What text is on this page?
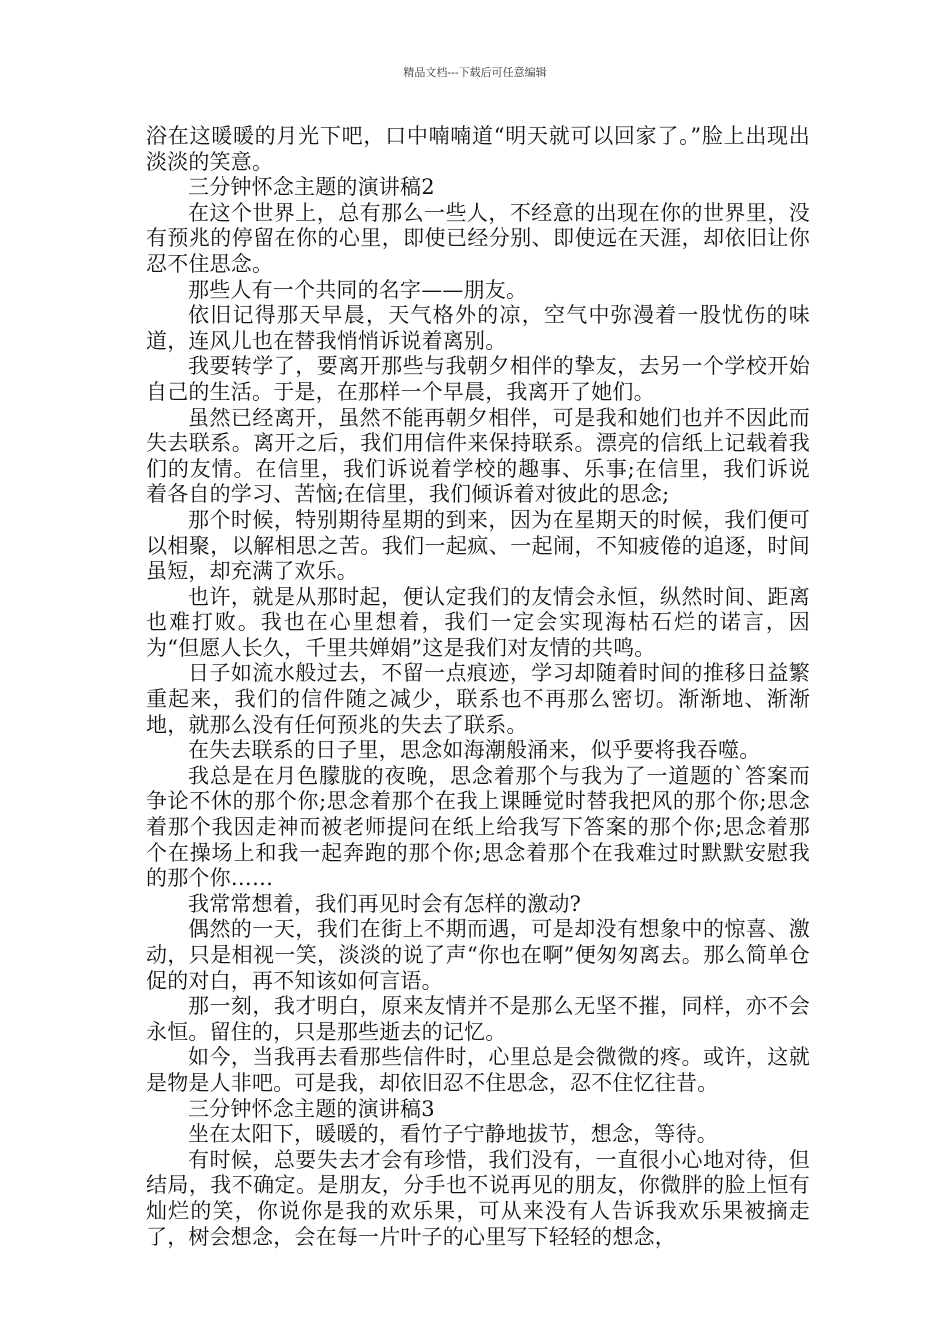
精品文档---下载后可任意编辑

浴在这暖暖的月光下吧，口中喃喃道“明天就可以回家了。”脸上出现出淡淡的笑意。

三分钟怀念主题的演讲稿2

在这个世界上，总有那么一些人，不经意的出现在你的世界里，没有预兆的停留在你的心里，即使已经分别、即使远在天涯，却依旧让你忍不住思念。

那些人有一个共同的名字——朋友。

依旧记得那天早晨，天气格外的凉，空气中弥漫着一股忧伤的味道，连风儿也在替我悄悄诉说着离别。

我要转学了，要离开那些与我朝夕相伴的挚友，去另一个学校开始自己的生活。于是，在那样一个早晨，我离开了她们。

虽然已经离开，虽然不能再朝夕相伴，可是我和她们也并不因此而失去联系。离开之后，我们用信件来保持联系。漂亮的信纸上记载着我们的友情。在信里，我们诉说着学校的趣事、乐事;在信里，我们诉说着各自的学习、苦恼;在信里，我们倾诉着对彼此的思念;

那个时候，特别期待星期的到来，因为在星期天的时候，我们便可以相聚，以解相思之苦。我们一起疯、一起闹，不知疲倦的追逐，时间虽短，却充满了欢乐。

也许，就是从那时起，便认定我们的友情会永恒，纵然时间、距离也难打败。我也在心里想着，我们一定会实现海枯石烂的诺言，因为“但愿人长久，千里共婵娟”这是我们对友情的共鸣。

日子如流水般过去，不留一点痕迹，学习却随着时间的推移日益繁重起来，我们的信件随之减少，联系也不再那么密切。渐渐地、渐渐地，就那么没有任何预兆的失去了联系。

在失去联系的日子里，思念如海潮般涌来，似乎要将我吞噬。

我总是在月色朦胧的夜晚，思念着那个与我为了一道题的`答案而争论不休的那个你;思念着那个在我上课睡觉时替我把风的那个你;思念着那个我因走神而被老师提问在纸上给我写下答案的那个你;思念着那个在操场上和我一起奔跑的那个你;思念着那个在我难过时默默安慰我的那个你……

我常常想着，我们再见时会有怎样的激动?

偶然的一天，我们在街上不期而遇，可是却没有想象中的惊喜、激动，只是相视一笑，淡淡的说了声“你也在啊”便匆匆离去。那么简单仓促的对白，再不知该如何言语。

那一刻，我才明白，原来友情并不是那么无坚不摧，同样，亦不会永恒。留住的，只是那些逝去的记忆。

如今，当我再去看那些信件时，心里总是会微微的疼。或许，这就是物是人非吧。可是我，却依旧忍不住思念，忍不住忆往昔。

三分钟怀念主题的演讲稿3

坐在太阳下，暖暖的，看竹子宁静地拔节，想念，等待。

有时候，总要失去才会有珍惜，我们没有，一直很小心地对待，但结局，我不确定。是朋友，分手也不说再见的朋友，你微胖的脸上恒有灿烂的笑，你说你是我的欢乐果，可从来没有人告诉我欢乐果被摘走了，树会想念，会在每一片叶子的心里写下轻轻的想念，
